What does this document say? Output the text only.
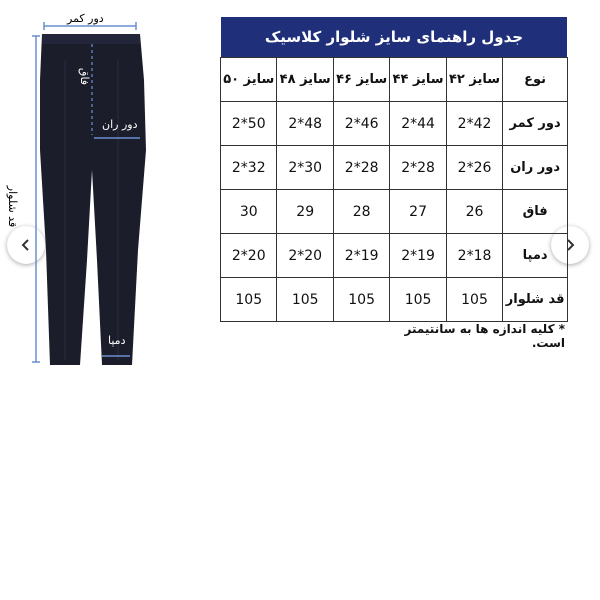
دور کمر
فاق
دور ران
قد شلوار
دمپا
جدول راهنمای سایز شلوار کلاسیک
نوع	سایز ۴۲	سایز ۴۴	سایز ۴۶	سایز ۴۸	سایز ۵۰
دور کمر	42*2	44*2	46*2	48*2	50*2
دور ران	26*2	28*2	28*2	30*2	32*2
فاق	26	27	28	29	30
دمپا	18*2	19*2	19*2	20*2	20*2
قد شلوار	105	105	105	105	105
* کلیه اندازه ها به سانتیمتر است.
